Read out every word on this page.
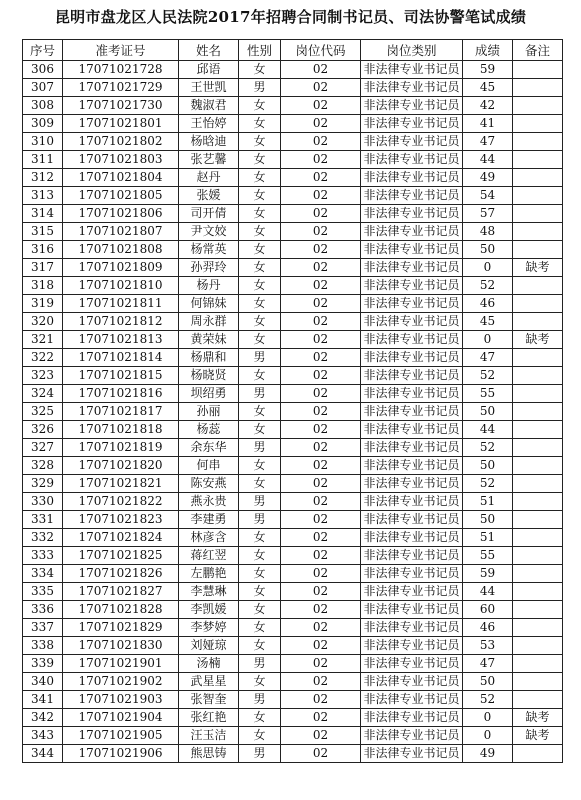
昆明市盘龙区人民法院2017年招聘合同制书记员、司法协警笔试成绩
序号	准考证号	姓名	性别	岗位代码	岗位类别	成绩	备注
306	17071021728	邱语	女	02	非法律专业书记员	59	
307	17071021729	王世凯	男	02	非法律专业书记员	45	
308	17071021730	魏淑君	女	02	非法律专业书记员	42	
309	17071021801	王怡婷	女	02	非法律专业书记员	41	
310	17071021802	杨晗迪	女	02	非法律专业书记员	47	
311	17071021803	张艺馨	女	02	非法律专业书记员	44	
312	17071021804	赵丹	女	02	非法律专业书记员	49	
313	17071021805	张媛	女	02	非法律专业书记员	54	
314	17071021806	司开倩	女	02	非法律专业书记员	57	
315	17071021807	尹文姣	女	02	非法律专业书记员	48	
316	17071021808	杨常英	女	02	非法律专业书记员	50	
317	17071021809	孙羿玲	女	02	非法律专业书记员	0	缺考
318	17071021810	杨丹	女	02	非法律专业书记员	52	
319	17071021811	何锦妹	女	02	非法律专业书记员	46	
320	17071021812	周永群	女	02	非法律专业书记员	45	
321	17071021813	黄荣妹	女	02	非法律专业书记员	0	缺考
322	17071021814	杨鼎和	男	02	非法律专业书记员	47	
323	17071021815	杨晓贤	女	02	非法律专业书记员	52	
324	17071021816	坝绍勇	男	02	非法律专业书记员	55	
325	17071021817	孙丽	女	02	非法律专业书记员	50	
326	17071021818	杨蕊	女	02	非法律专业书记员	44	
327	17071021819	余东华	男	02	非法律专业书记员	52	
328	17071021820	何串	女	02	非法律专业书记员	50	
329	17071021821	陈安燕	女	02	非法律专业书记员	52	
330	17071021822	燕永贵	男	02	非法律专业书记员	51	
331	17071021823	李建勇	男	02	非法律专业书记员	50	
332	17071021824	林彦含	女	02	非法律专业书记员	51	
333	17071021825	蒋红翌	女	02	非法律专业书记员	55	
334	17071021826	左鹏艳	女	02	非法律专业书记员	59	
335	17071021827	李慧琳	女	02	非法律专业书记员	44	
336	17071021828	李凯媛	女	02	非法律专业书记员	60	
337	17071021829	李梦婷	女	02	非法律专业书记员	46	
338	17071021830	刘娅琼	女	02	非法律专业书记员	53	
339	17071021901	汤楠	男	02	非法律专业书记员	47	
340	17071021902	武星星	女	02	非法律专业书记员	50	
341	17071021903	张智奎	男	02	非法律专业书记员	52	
342	17071021904	张红艳	女	02	非法律专业书记员	0	缺考
343	17071021905	汪玉洁	女	02	非法律专业书记员	0	缺考
344	17071021906	熊思铸	男	02	非法律专业书记员	49	
